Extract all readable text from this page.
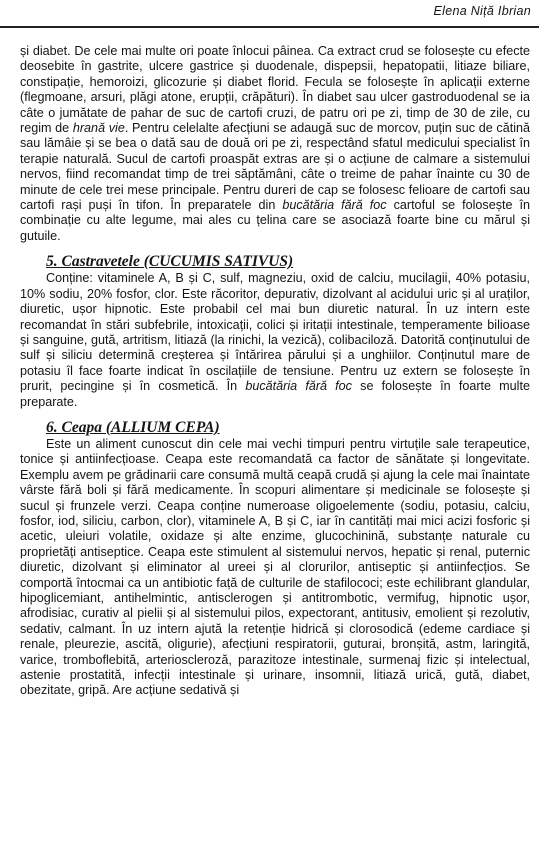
Elena Niță Ibrian

și diabet. De cele mai multe ori poate înlocui pâinea. Ca extract crud se folosește cu efecte deosebite în gastrite, ulcere gastrice și duodenale, dispepsii, hepatopatii, litiaze biliare, constipație, hemoroizi, glicozurie și diabet florid. Fecula se folosește în aplicații externe (flegmoane, arsuri, plăgi atone, erupții, crăpături). În diabet sau ulcer gastroduodenal se ia câte o jumătate de pahar de suc de cartofi cruzi, de patru ori pe zi, timp de 30 de zile, cu regim de hrană vie. Pentru celelalte afecțiuni se adaugă suc de morcov, puțin suc de cătină sau lămâie și se bea o dată sau de două ori pe zi, respectând sfatul medicului specialist în terapie naturală. Sucul de cartofi proaspăt extras are și o acțiune de calmare a sistemului nervos, fiind recomandat timp de trei săptămâni, câte o treime de pahar înainte cu 30 de minute de cele trei mese principale. Pentru dureri de cap se folosesc felioare de cartofi sau cartofi rași puși în tifon. În preparatele din bucătăria fără foc cartoful se folosește în combinație cu alte legume, mai ales cu țelina care se asociază foarte bine cu mărul și gutuile.

5. Castravetele (CUCUMIS SATIVUS)

Conține: vitaminele A, B și C, sulf, magneziu, oxid de calciu, mucilagii, 40% potasiu, 10% sodiu, 20% fosfor, clor. Este răcoritor, depurativ, dizolvant al acidului uric și al uraților, diuretic, ușor hipnotic. Este probabil cel mai bun diuretic natural. În uz intern este recomandat în stări subfebrile, intoxicații, colici și iritații intestinale, temperamente bilioase și sanguine, gută, artritism, litiază (la rinichi, la vezică), colibaciloză. Datorită conținutului de sulf și siliciu determină creșterea și întărirea părului și a unghiilor. Conținutul mare de potasiu îl face foarte indicat în oscilațiile de tensiune. Pentru uz extern se folosește în prurit, pecingine și în cosmetică. În bucătăria fără foc se folosește în foarte multe preparate.

6. Ceapa (ALLIUM CEPA)

Este un aliment cunoscut din cele mai vechi timpuri pentru virtuțile sale terapeutice, tonice și antiinfecțioase. Ceapa este recomandată ca factor de sănătate și longevitate. Exemplu avem pe grădinarii care consumă multă ceapă crudă și ajung la cele mai înaintate vârste fără boli și fără medicamente. În scopuri alimentare și medicinale se folosește și sucul și frunzele verzi. Ceapa conține numeroase oligoelemente (sodiu, potasiu, calciu, fosfor, iod, siliciu, carbon, clor), vitaminele A, B și C, iar în cantități mai mici acizi fosforic și acetic, uleiuri volatile, oxidaze și alte enzime, glucochinină, substanțe naturale cu proprietăți antiseptice. Ceapa este stimulent al sistemului nervos, hepatic și renal, puternic diuretic, dizolvant și eliminator al ureei și al clorurilor, antiseptic și antiinfecțios. Se comportă întocmai ca un antibiotic față de culturile de stafilococi; este echilibrant glandular, hipoglicemiant, antihelmintic, antisclerogen și antitrombotic, vermifug, hipnotic ușor, afrodisiac, curativ al pielii și al sistemului pilos, expectorant, antitusiv, emolient și rezolutiv, sedativ, calmant. În uz intern ajută la retenție hidrică și clorosodică (edeme cardiace și renale, pleurezie, ascită, oligurie), afecțiuni respiratorii, guturai, bronșită, astm, laringită, varice, tromboflebită, arterioscleroză, parazitoze intestinale, surmenaj fizic și intelectual, astenie prostatită, infecții intestinale și urinare, insomnii, litiază urică, gută, diabet, obezitate, gripă. Are acțiune sedativă și
